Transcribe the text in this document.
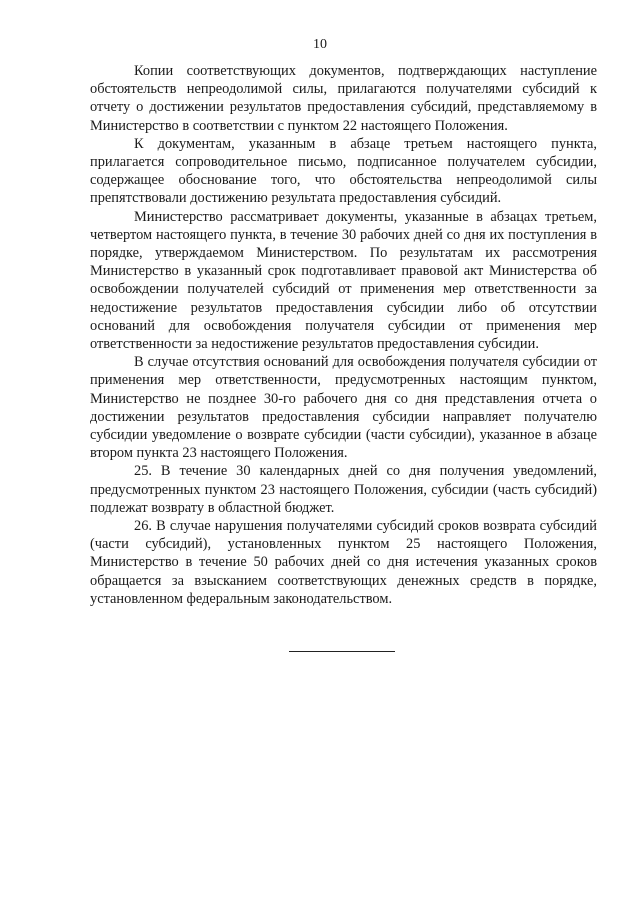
10

Копии соответствующих документов, подтверждающих наступление обстоятельств непреодолимой силы, прилагаются получателями субсидий к отчету о достижении результатов предоставления субсидий, представляемому в Министерство в соответствии с пунктом 22 настоящего Положения.

К документам, указанным в абзаце третьем настоящего пункта, прилагается сопроводительное письмо, подписанное получателем субсидии, содержащее обоснование того, что обстоятельства непреодолимой силы препятствовали достижению результата предоставления субсидий.

Министерство рассматривает документы, указанные в абзацах третьем, четвертом настоящего пункта, в течение 30 рабочих дней со дня их поступления в порядке, утверждаемом Министерством. По результатам их рассмотрения Министерство в указанный срок подготавливает правовой акт Министерства об освобождении получателей субсидий от применения мер ответственности за недостижение результатов предоставления субсидии либо об отсутствии оснований для освобождения получателя субсидии от применения мер ответственности за недостижение результатов предоставления субсидии.

В случае отсутствия оснований для освобождения получателя субсидии от применения мер ответственности, предусмотренных настоящим пунктом, Министерство не позднее 30-го рабочего дня со дня представления отчета о достижении результатов предоставления субсидии направляет получателю субсидии уведомление о возврате субсидии (части субсидии), указанное в абзаце втором пункта 23 настоящего Положения.

25. В течение 30 календарных дней со дня получения уведомлений, предусмотренных пунктом 23 настоящего Положения, субсидии (часть субсидий) подлежат возврату в областной бюджет.

26. В случае нарушения получателями субсидий сроков возврата субсидий (части субсидий), установленных пунктом 25 настоящего Положения, Министерство в течение 50 рабочих дней со дня истечения указанных сроков обращается за взысканием соответствующих денежных средств в порядке, установленном федеральным законодательством.
